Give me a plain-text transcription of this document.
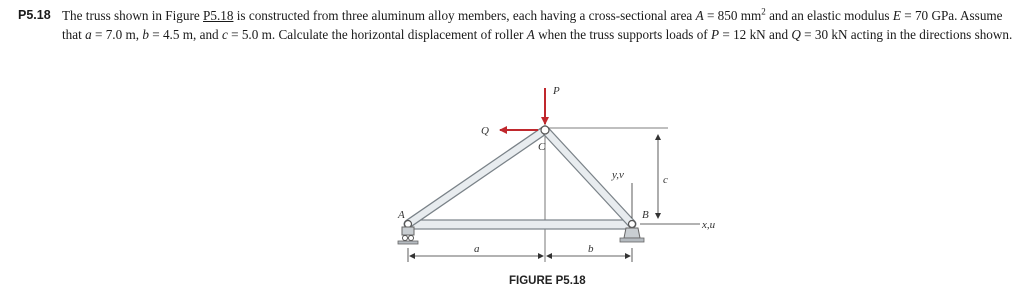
P5.18 The truss shown in Figure P5.18 is constructed from three aluminum alloy members, each having a cross-sectional area A = 850 $mm^2$ and an elastic modulus E = 70 GPa. Assume that a = 7.0 m, b = 4.5 m, and c = 5.0 m. Calculate the horizontal displacement of roller A when the truss supports loads of P = 12 kN and Q = 30 kN acting in the directions shown.
P
Q
C
A	B
y,v
x,u
c
a	b
FIGURE P5.18
